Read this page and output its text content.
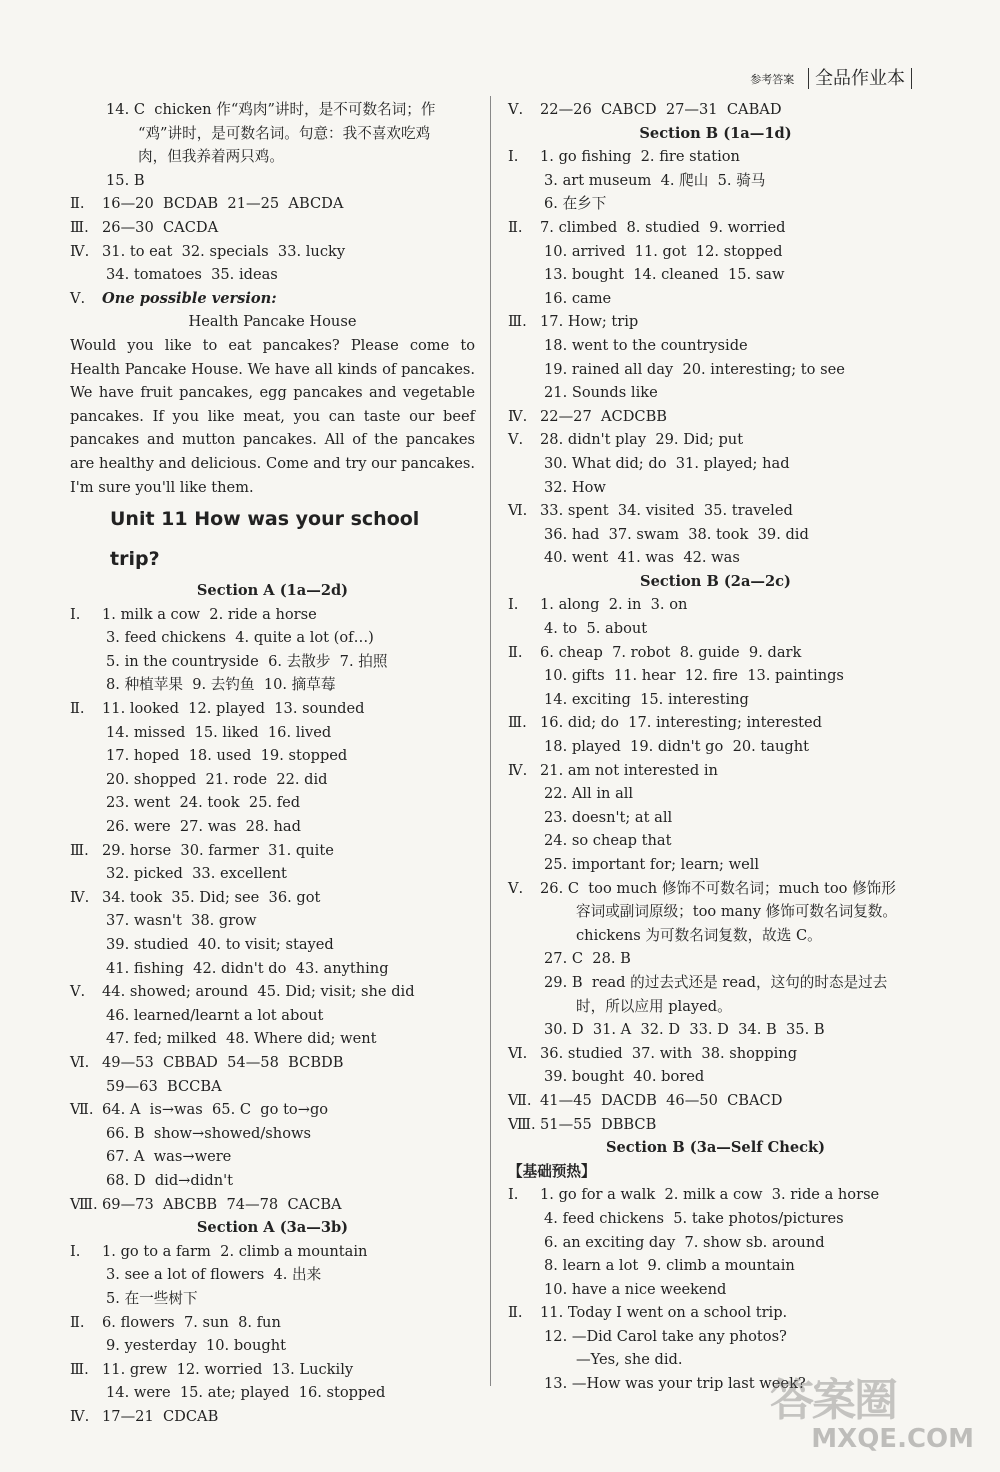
参考答案 全品作业本
14. C  chicken 作“鸡肉”讲时，是不可数名词；作
“鸡”讲时，是可数名词。句意：我不喜欢吃鸡
肉，但我养着两只鸡。
15. B
Ⅱ. 16—20  BCDAB  21—25  ABCDA
Ⅲ. 26—30  CACDA
Ⅳ. 31. to eat  32. specials  33. lucky
34. tomatoes  35. ideas
Ⅴ. One possible version:
Health Pancake House
Would you like to eat pancakes? Please come to Health Pancake House. We have all kinds of pancakes. We have fruit pancakes, egg pancakes and vegetable pancakes. If you like meat, you can taste our beef pancakes and mutton pancakes. All of the pancakes are healthy and delicious. Come and try our pancakes. I'm sure you'll like them.
Unit 11 How was your school trip?
Section A (1a—2d)
Ⅰ. 1. milk a cow  2. ride a horse
3. feed chickens  4. quite a lot (of…)
5. in the countryside  6. 去散步  7. 拍照
8. 种植苹果  9. 去钓鱼  10. 摘草莓
Ⅱ. 11. looked  12. played  13. sounded
14. missed  15. liked  16. lived
17. hoped  18. used  19. stopped
20. shopped  21. rode  22. did
23. went  24. took  25. fed
26. were  27. was  28. had
Ⅲ. 29. horse  30. farmer  31. quite
32. picked  33. excellent
Ⅳ. 34. took  35. Did; see  36. got
37. wasn't  38. grow
39. studied  40. to visit; stayed
41. fishing  42. didn't do  43. anything
Ⅴ. 44. showed; around  45. Did; visit; she did
46. learned/learnt a lot about
47. fed; milked  48. Where did; went
Ⅵ. 49—53  CBBAD  54—58  BCBDB
59—63  BCCBA
Ⅶ. 64. A  is→was  65. C  go to→go
66. B  show→showed/shows
67. A  was→were
68. D  did→didn't
Ⅷ. 69—73  ABCBB  74—78  CACBA
Section A (3a—3b)
Ⅰ. 1. go to a farm  2. climb a mountain
3. see a lot of flowers  4. 出来
5. 在一些树下
Ⅱ. 6. flowers  7. sun  8. fun
9. yesterday  10. bought
Ⅲ. 11. grew  12. worried  13. Luckily
14. were  15. ate; played  16. stopped
Ⅳ. 17—21  CDCAB
Ⅴ. 22—26  CABCD  27—31  CABAD
Section B (1a—1d)
Ⅰ. 1. go fishing  2. fire station
3. art museum  4. 爬山  5. 骑马
6. 在乡下
Ⅱ. 7. climbed  8. studied  9. worried
10. arrived  11. got  12. stopped
13. bought  14. cleaned  15. saw
16. came
Ⅲ. 17. How; trip
18. went to the countryside
19. rained all day  20. interesting; to see
21. Sounds like
Ⅳ. 22—27  ACDCBB
Ⅴ. 28. didn't play  29. Did; put
30. What did; do  31. played; had
32. How
Ⅵ. 33. spent  34. visited  35. traveled
36. had  37. swam  38. took  39. did
40. went  41. was  42. was
Section B (2a—2c)
Ⅰ. 1. along  2. in  3. on
4. to  5. about
Ⅱ. 6. cheap  7. robot  8. guide  9. dark
10. gifts  11. hear  12. fire  13. paintings
14. exciting  15. interesting
Ⅲ. 16. did; do  17. interesting; interested
18. played  19. didn't go  20. taught
Ⅳ. 21. am not interested in
22. All in all
23. doesn't; at all
24. so cheap that
25. important for; learn; well
Ⅴ. 26. C  too much 修饰不可数名词；much too 修饰形
容词或副词原级；too many 修饰可数名词复数。
chickens 为可数名词复数，故选 C。
27. C  28. B
29. B  read 的过去式还是 read，这句的时态是过去
时，所以应用 played。
30. D  31. A  32. D  33. D  34. B  35. B
Ⅵ. 36. studied  37. with  38. shopping
39. bought  40. bored
Ⅶ. 41—45  DACDB  46—50  CBACD
Ⅷ. 51—55  DBBCB
Section B (3a—Self Check)
【基础预热】
Ⅰ. 1. go for a walk  2. milk a cow  3. ride a horse
4. feed chickens  5. take photos/pictures
6. an exciting day  7. show sb. around
8. learn a lot  9. climb a mountain
10. have a nice weekend
Ⅱ. 11. Today I went on a school trip.
12. —Did Carol take any photos?
—Yes, she did.
13. —How was your trip last week?
答案圈
MXQE.COM
